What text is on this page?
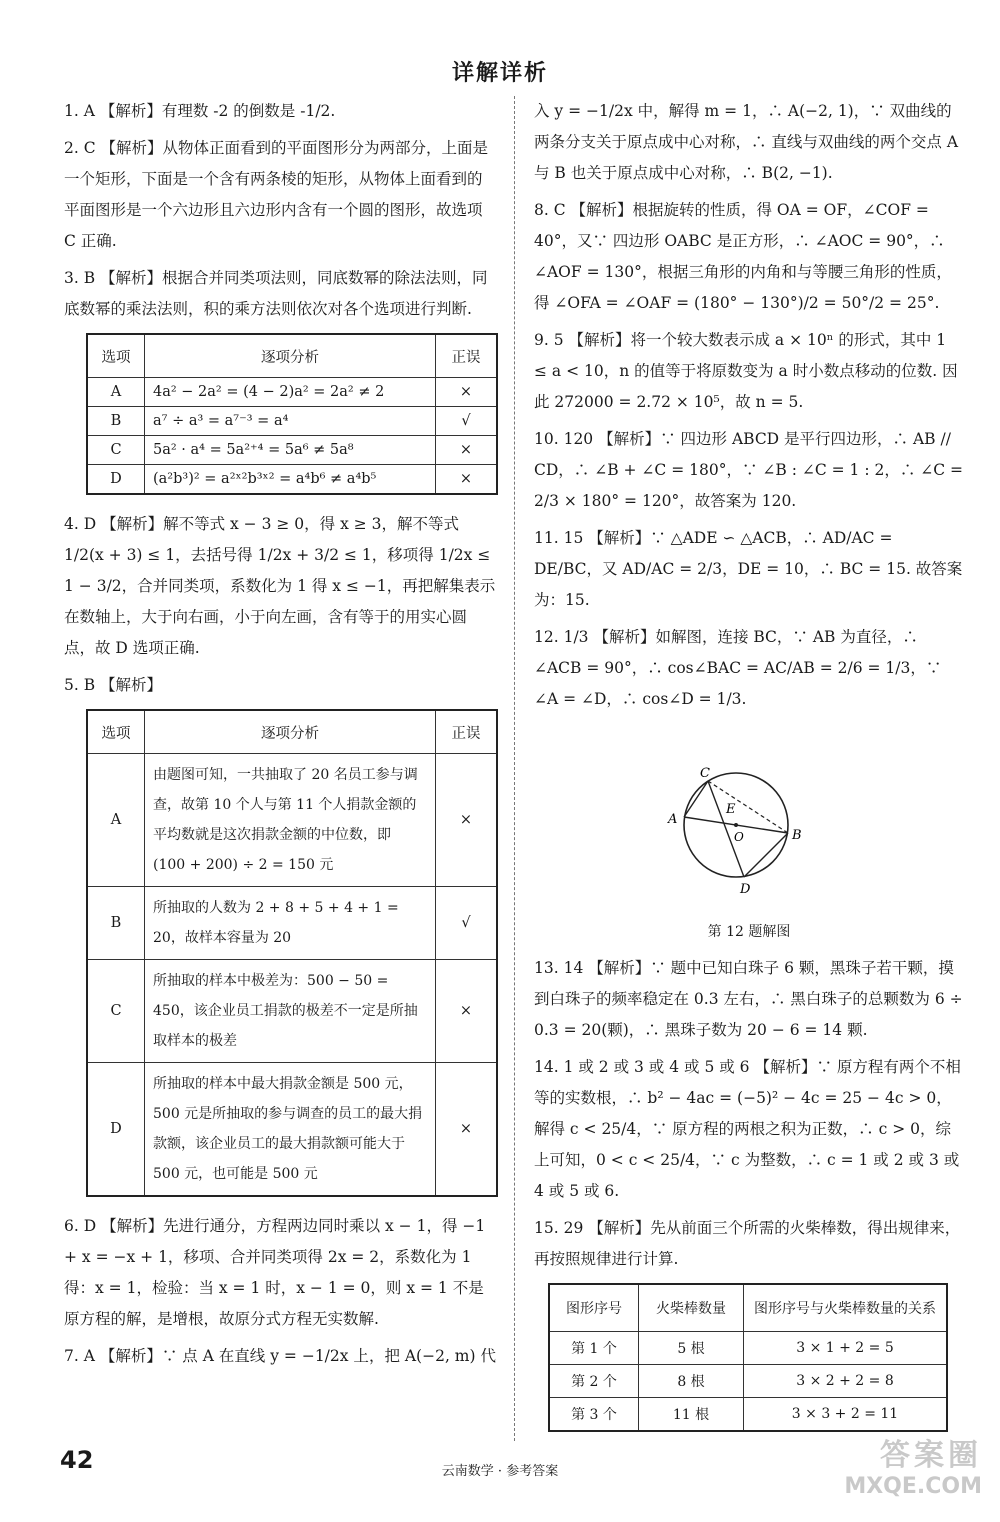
详解详析

1. A 【解析】有理数 -2 的倒数是 -1/2.

2. C 【解析】从物体正面看到的平面图形分为两部分，上面是一个矩形，下面是一个含有两条棱的矩形，从物体上面看到的平面图形是一个六边形且六边形内含有一个圆的图形，故选项 C 正确.

3. B 【解析】根据合并同类项法则，同底数幂的除法法则，同底数幂的乘法法则，积的乘方法则依次对各个选项进行判断.

选项	逐项分析	正误
A	4a² − 2a² = (4 − 2)a² = 2a² ≠ 2	×
B	a⁷ ÷ a³ = a⁷⁻³ = a⁴	√
C	5a² · a⁴ = 5a²⁺⁴ = 5a⁶ ≠ 5a⁸	×
D	(a²b³)² = a²ˣ²b³ˣ² = a⁴b⁶ ≠ a⁴b⁵	×

4. D 【解析】解不等式 x − 3 ≥ 0，得 x ≥ 3，解不等式 1/2(x + 3) ≤ 1，去括号得 1/2x + 3/2 ≤ 1，移项得 1/2x ≤ 1 − 3/2，合并同类项，系数化为 1 得 x ≤ −1，再把解集表示在数轴上，大于向右画，小于向左画，含有等于的用实心圆点，故 D 选项正确.

5. B 【解析】

选项	逐项分析	正误
A	由题图可知，一共抽取了 20 名员工参与调查，故第 10 个人与第 11 个人捐款金额的平均数就是这次捐款金额的中位数，即 (100 + 200) ÷ 2 = 150 元	×
B	所抽取的人数为 2 + 8 + 5 + 4 + 1 = 20，故样本容量为 20	√
C	所抽取的样本中极差为：500 − 50 = 450，该企业员工捐款的极差不一定是所抽取样本的极差	×
D	所抽取的样本中最大捐款金额是 500 元，500 元是所抽取的参与调查的员工的最大捐款额，该企业员工的最大捐款额可能大于 500 元，也可能是 500 元	×

6. D 【解析】先进行通分，方程两边同时乘以 x − 1，得 −1 + x = −x + 1，移项、合并同类项得 2x = 2，系数化为 1 得：x = 1，检验：当 x = 1 时，x − 1 = 0，则 x = 1 不是原方程的解，是增根，故原分式方程无实数解.

7. A 【解析】∵ 点 A 在直线 y = −1/2x 上，把 A(−2, m) 代

入 y = −1/2x 中，解得 m = 1，∴ A(−2, 1)，∵ 双曲线的两条分支关于原点成中心对称，∴ 直线与双曲线的两个交点 A 与 B 也关于原点成中心对称，∴ B(2, −1).

8. C 【解析】根据旋转的性质，得 OA = OF，∠COF = 40°，又∵ 四边形 OABC 是正方形，∴ ∠AOC = 90°，∴ ∠AOF = 130°，根据三角形的内角和与等腰三角形的性质，得 ∠OFA = ∠OAF = (180° − 130°)/2 = 50°/2 = 25°.

9. 5 【解析】将一个较大数表示成 a × 10ⁿ 的形式，其中 1 ≤ a < 10，n 的值等于将原数变为 a 时小数点移动的位数. 因此 272000 = 2.72 × 10⁵，故 n = 5.

10. 120 【解析】∵ 四边形 ABCD 是平行四边形，∴ AB // CD，∴ ∠B + ∠C = 180°，∵ ∠B : ∠C = 1 : 2，∴ ∠C = 2/3 × 180° = 120°，故答案为 120.

11. 15 【解析】∵ △ADE ∽ △ACB，∴ AD/AC = DE/BC，又 AD/AC = 2/3，DE = 10，∴ BC = 15. 故答案为：15.

12. 1/3 【解析】如解图，连接 BC，∵ AB 为直径，∴ ∠ACB = 90°，∴ cos∠BAC = AC/AB = 2/6 = 1/3，∵ ∠A = ∠D，∴ cos∠D = 1/3.

C
E
A
O	B
D
第 12 题解图

13. 14 【解析】∵ 题中已知白珠子 6 颗，黑珠子若干颗，摸到白珠子的频率稳定在 0.3 左右，∴ 黑白珠子的总颗数为 6 ÷ 0.3 = 20(颗)，∴ 黑珠子数为 20 − 6 = 14 颗.

14. 1 或 2 或 3 或 4 或 5 或 6 【解析】∵ 原方程有两个不相等的实数根，∴ b² − 4ac = (−5)² − 4c = 25 − 4c > 0，解得 c < 25/4，∵ 原方程的两根之积为正数，∴ c > 0，综上可知，0 < c < 25/4，∵ c 为整数，∴ c = 1 或 2 或 3 或 4 或 5 或 6.

15. 29 【解析】先从前面三个所需的火柴棒数，得出规律来，再按照规律进行计算.

图形序号	火柴棒数量	图形序号与火柴棒数量的关系
第 1 个	5 根	3 × 1 + 2 = 5
第 2 个	8 根	3 × 2 + 2 = 8
第 3 个	11 根	3 × 3 + 2 = 11
42	云南数学 · 参考答案	答案圈
MXQE.COM
